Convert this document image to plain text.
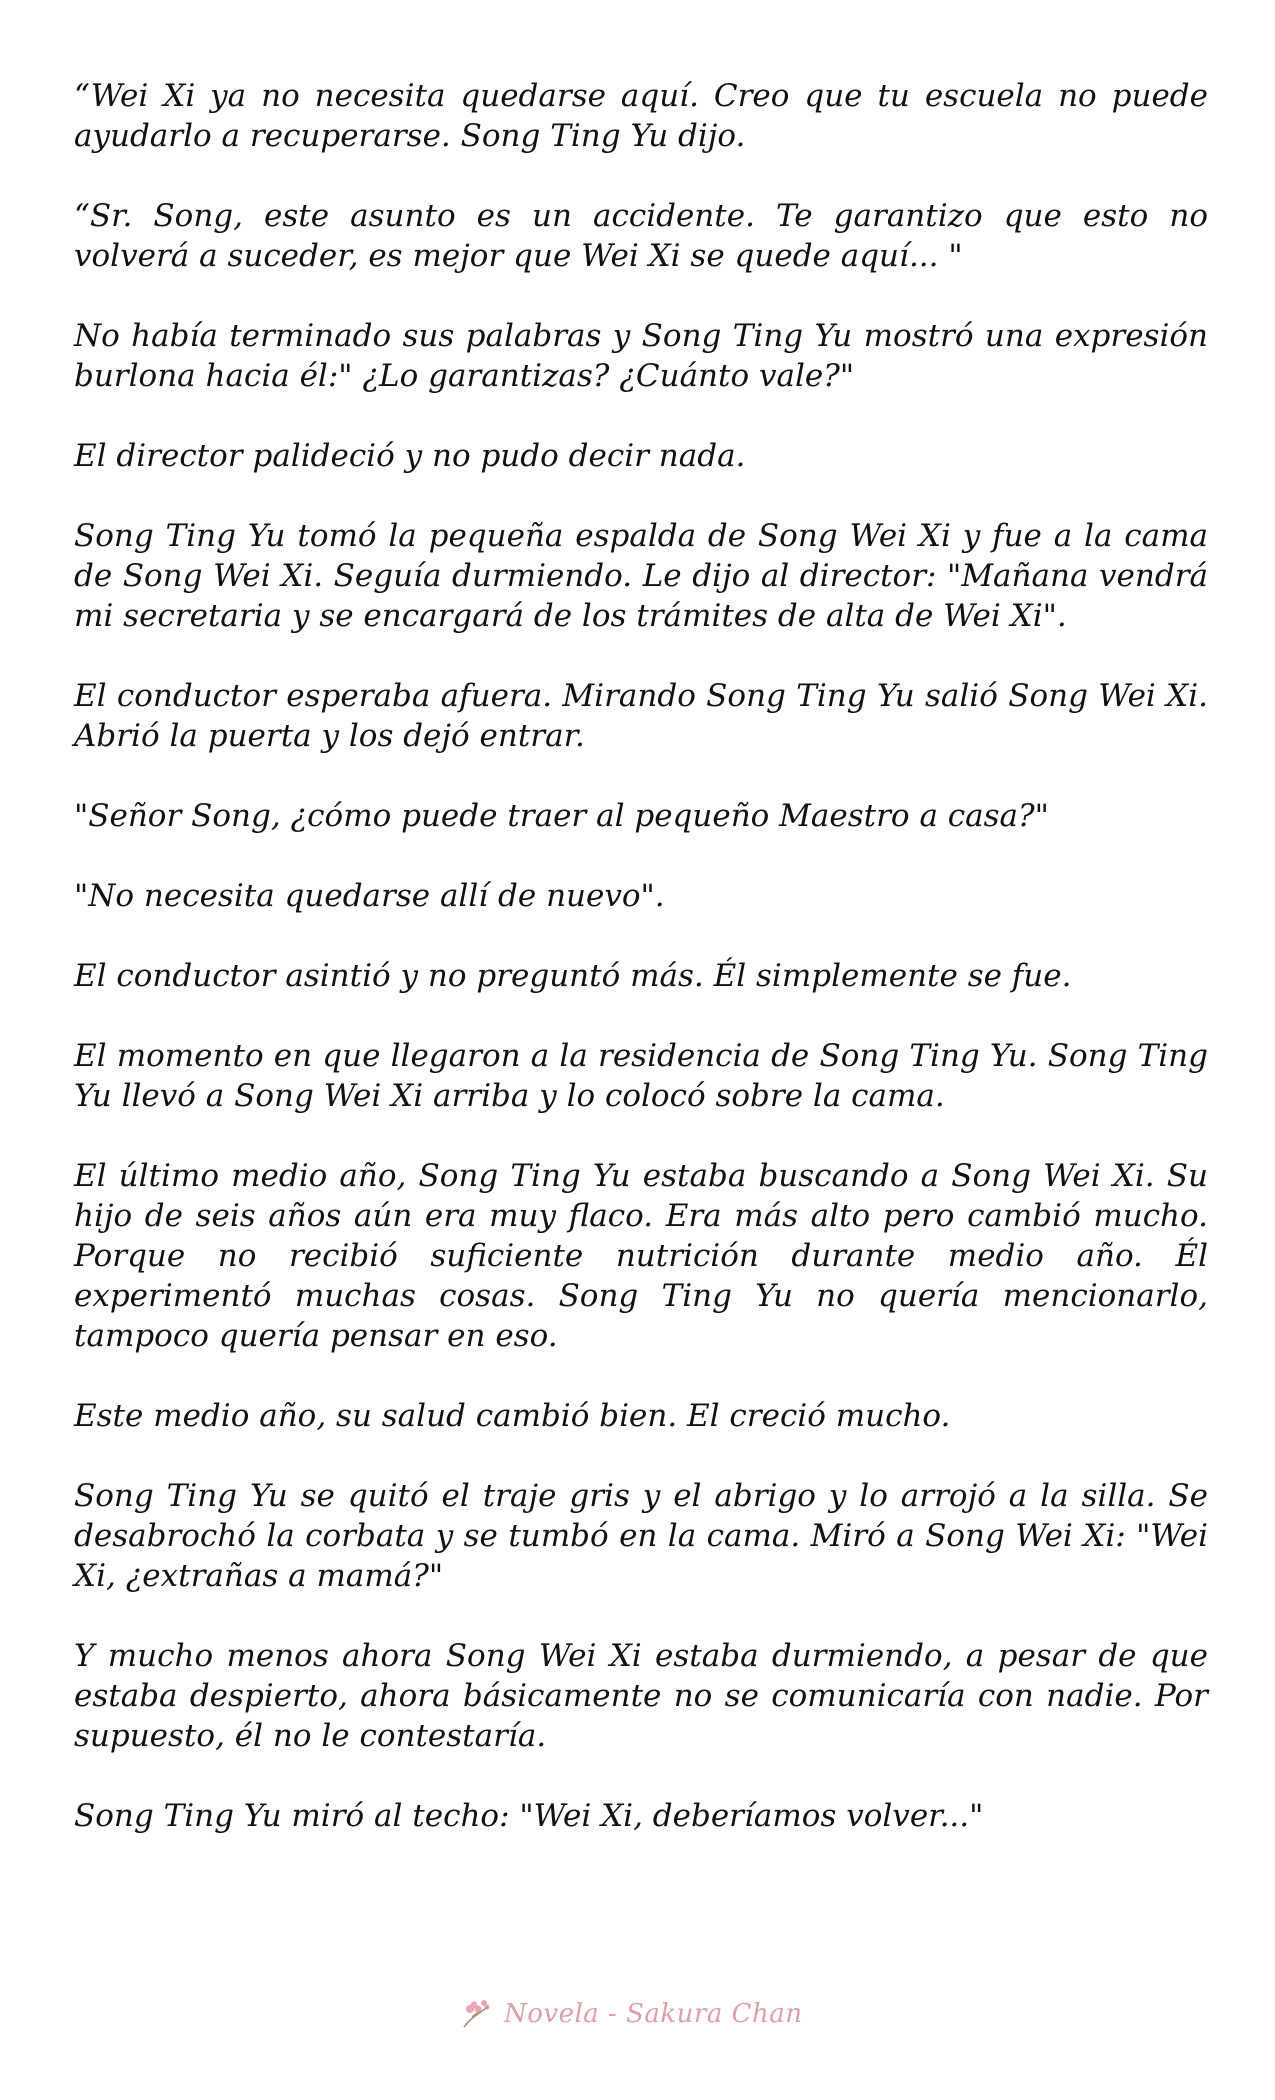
“Wei Xi ya no necesita quedarse aquí. Creo que tu escuela no puede ayudarlo a recuperarse. Song Ting Yu dijo.

“Sr. Song, este asunto es un accidente. Te garantizo que esto no volverá a suceder, es mejor que Wei Xi se quede aquí... "

No había terminado sus palabras y Song Ting Yu mostró una expresión burlona hacia él:" ¿Lo garantizas? ¿Cuánto vale?"

El director palideció y no pudo decir nada.

Song Ting Yu tomó la pequeña espalda de Song Wei Xi y fue a la cama de Song Wei Xi. Seguía durmiendo. Le dijo al director: "Mañana vendrá mi secretaria y se encargará de los trámites de alta de Wei Xi".

El conductor esperaba afuera. Mirando Song Ting Yu salió Song Wei Xi. Abrió la puerta y los dejó entrar.

"Señor Song, ¿cómo puede traer al pequeño Maestro a casa?"

"No necesita quedarse allí de nuevo".

El conductor asintió y no preguntó más. Él simplemente se fue.

El momento en que llegaron a la residencia de Song Ting Yu. Song Ting Yu llevó a Song Wei Xi arriba y lo colocó sobre la cama.

El último medio año, Song Ting Yu estaba buscando a Song Wei Xi. Su hijo de seis años aún era muy flaco. Era más alto pero cambió mucho. Porque no recibió suficiente nutrición durante medio año. Él experimentó muchas cosas. Song Ting Yu no quería mencionarlo, tampoco quería pensar en eso.

Este medio año, su salud cambió bien. El creció mucho.

Song Ting Yu se quitó el traje gris y el abrigo y lo arrojó a la silla. Se desabrochó la corbata y se tumbó en la cama. Miró a Song Wei Xi: "Wei Xi, ¿extrañas a mamá?"

Y mucho menos ahora Song Wei Xi estaba durmiendo, a pesar de que estaba despierto, ahora básicamente no se comunicaría con nadie. Por supuesto, él no le contestaría.

Song Ting Yu miró al techo: "Wei Xi, deberíamos volver..."

Novela - Sakura Chan
